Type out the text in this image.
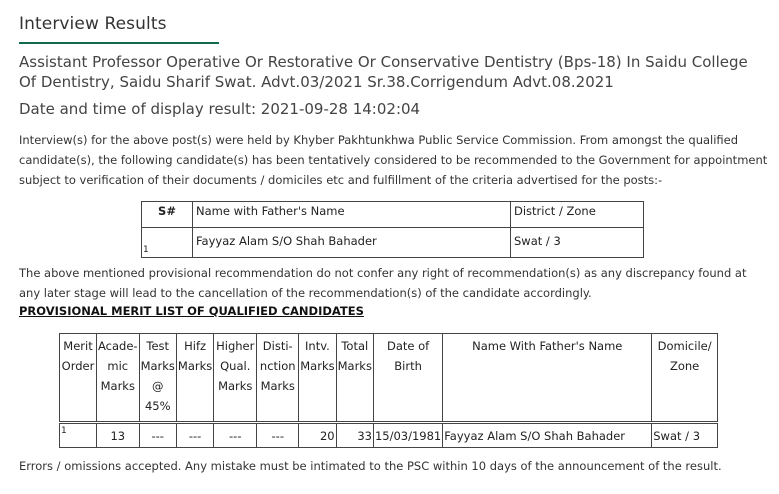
Interview Results
Assistant Professor Operative Or Restorative Or Conservative Dentistry (Bps-18) In Saidu College Of Dentistry, Saidu Sharif Swat. Advt.03/2021 Sr.38.Corrigendum Advt.08.2021
Date and time of display result: 2021-09-28 14:02:04
Interview(s) for the above post(s) were held by Khyber Pakhtunkhwa Public Service Commission. From amongst the qualified candidate(s), the following candidate(s) has been tentatively considered to be recommended to the Government for appointment subject to verification of their documents / domiciles etc and fulfillment of the criteria advertised for the posts:-
S#	Name with Father's Name	District / Zone
1	Fayyaz Alam S/O Shah Bahader	Swat / 3
The above mentioned provisional recommendation do not confer any right of recommendation(s) as any discrepancy found at any later stage will lead to the cancellation of the recommendation(s) of the candidate accordingly.
PROVISIONAL MERIT LIST OF QUALIFIED CANDIDATES
Merit Order	Acade- mic Marks	Test Marks @ 45%	Hifz Marks	Higher Qual. Marks	Disti- nction Marks	Intv. Marks	Total Marks	Date of Birth	Name With Father's Name	Domicile/ Zone

1	13	---	---	---	---	20	33	15/03/1981	Fayyaz Alam S/O Shah Bahader	Swat / 3
Errors / omissions accepted. Any mistake must be intimated to the PSC within 10 days of the announcement of the result.
